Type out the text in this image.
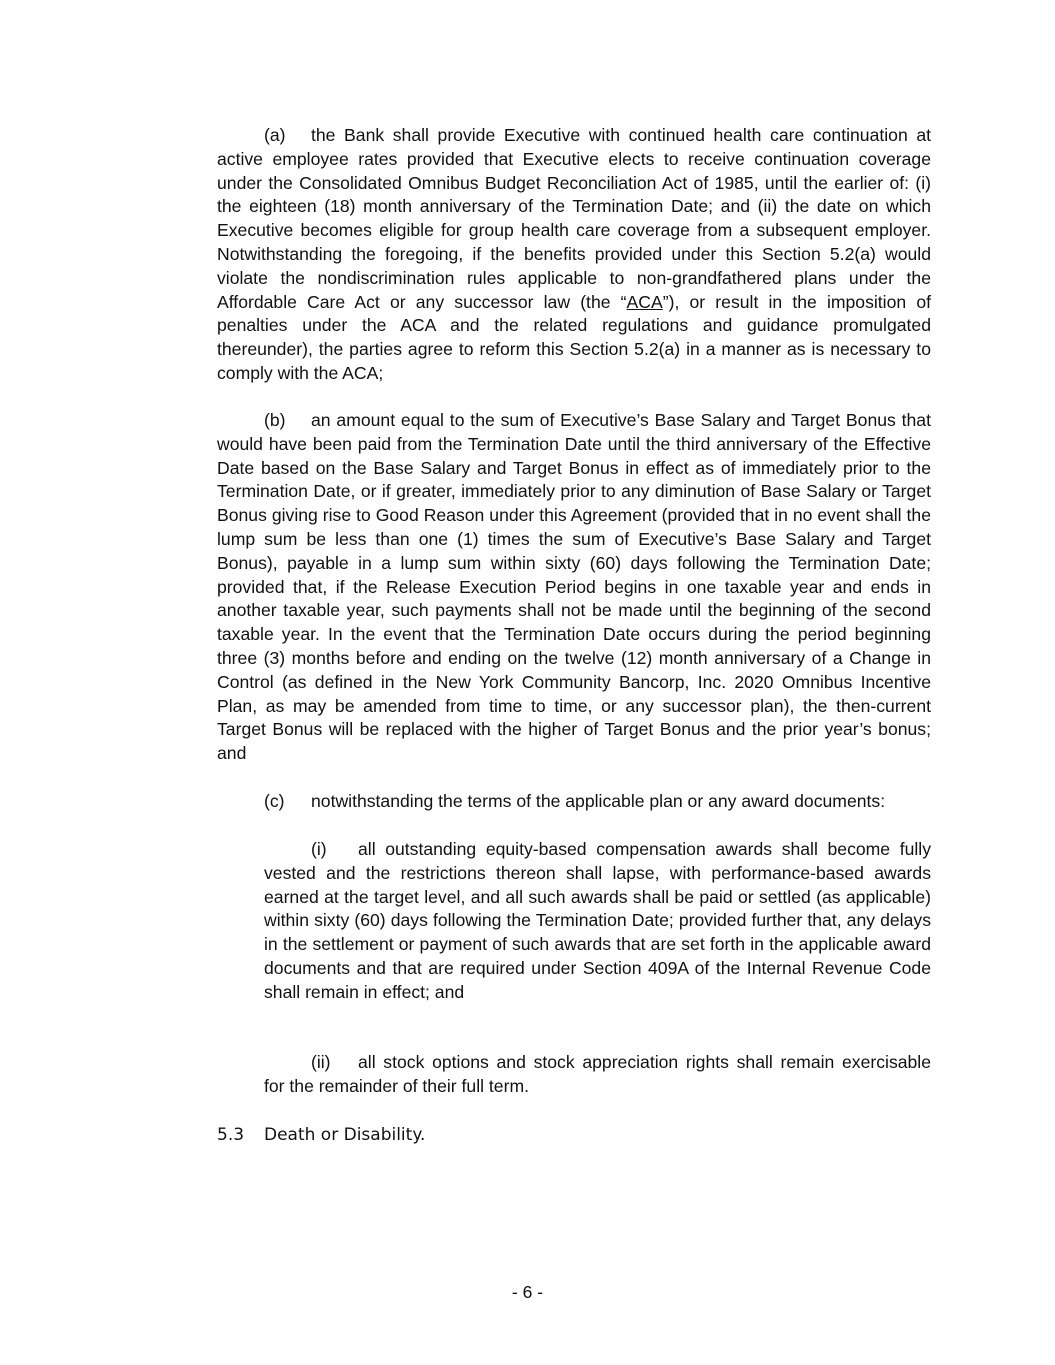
(a) the Bank shall provide Executive with continued health care continuation at active employee rates provided that Executive elects to receive continuation coverage under the Consolidated Omnibus Budget Reconciliation Act of 1985, until the earlier of: (i) the eighteen (18) month anniversary of the Termination Date; and (ii) the date on which Executive becomes eligible for group health care coverage from a subsequent employer. Notwithstanding the foregoing, if the benefits provided under this Section 5.2(a) would violate the nondiscrimination rules applicable to non-grandfathered plans under the Affordable Care Act or any successor law (the “ACA”), or result in the imposition of penalties under the ACA and the related regulations and guidance promulgated thereunder), the parties agree to reform this Section 5.2(a) in a manner as is necessary to comply with the ACA;

(b) an amount equal to the sum of Executive’s Base Salary and Target Bonus that would have been paid from the Termination Date until the third anniversary of the Effective Date based on the Base Salary and Target Bonus in effect as of immediately prior to the Termination Date, or if greater, immediately prior to any diminution of Base Salary or Target Bonus giving rise to Good Reason under this Agreement (provided that in no event shall the lump sum be less than one (1) times the sum of Executive’s Base Salary and Target Bonus), payable in a lump sum within sixty (60) days following the Termination Date; provided that, if the Release Execution Period begins in one taxable year and ends in another taxable year, such payments shall not be made until the beginning of the second taxable year. In the event that the Termination Date occurs during the period beginning three (3) months before and ending on the twelve (12) month anniversary of a Change in Control (as defined in the New York Community Bancorp, Inc. 2020 Omnibus Incentive Plan, as may be amended from time to time, or any successor plan), the then-current Target Bonus will be replaced with the higher of Target Bonus and the prior year’s bonus; and

(c) notwithstanding the terms of the applicable plan or any award documents:

(i) all outstanding equity-based compensation awards shall become fully vested and the restrictions thereon shall lapse, with performance-based awards earned at the target level, and all such awards shall be paid or settled (as applicable) within sixty (60) days following the Termination Date; provided further that, any delays in the settlement or payment of such awards that are set forth in the applicable award documents and that are required under Section 409A of the Internal Revenue Code shall remain in effect; and

(ii) all stock options and stock appreciation rights shall remain exercisable for the remainder of their full term.

5.3 Death or Disability.

- 6 -
